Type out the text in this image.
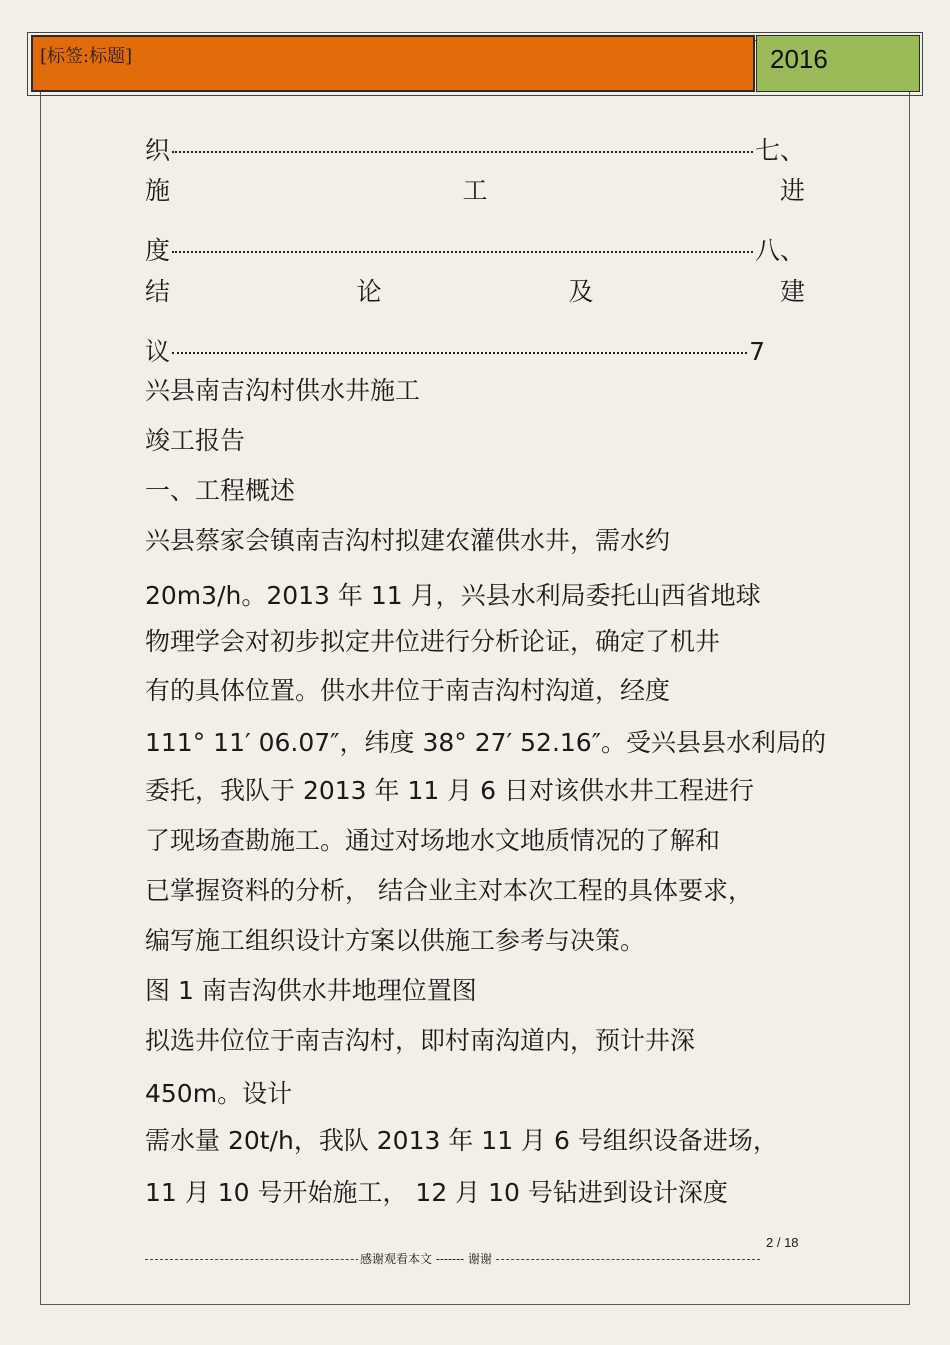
[标签:标题]	2016
织	七、
施	工	进
度	八、
结	论	及	建
议	7
兴县南吉沟村供水井施工
竣工报告
一、工程概述
兴县蔡家会镇南吉沟村拟建农灌供水井，需水约
20m3/h。2013 年 11 月，兴县水利局委托山西省地球
物理学会对初步拟定井位进行分析论证，确定了机井
有的具体位置。供水井位于南吉沟村沟道，经度
111° 11′ 06.07″，纬度 38° 27′ 52.16″。受兴县县水利局的
委托，我队于 2013 年 11 月 6 日对该供水井工程进行
了现场查勘施工。通过对场地水文地质情况的了解和
已掌握资料的分析， 结合业主对本次工程的具体要求，
编写施工组织设计方案以供施工参考与决策。
图 1 南吉沟供水井地理位置图
拟选井位位于南吉沟村，即村南沟道内，预计井深
450m。设计
需水量 20t/h，我队 2013 年 11 月 6 号组织设备进场，
11 月 10 号开始施工， 12 月 10 号钻进到设计深度
2 / 18
感谢观看本文 ------- 谢谢
